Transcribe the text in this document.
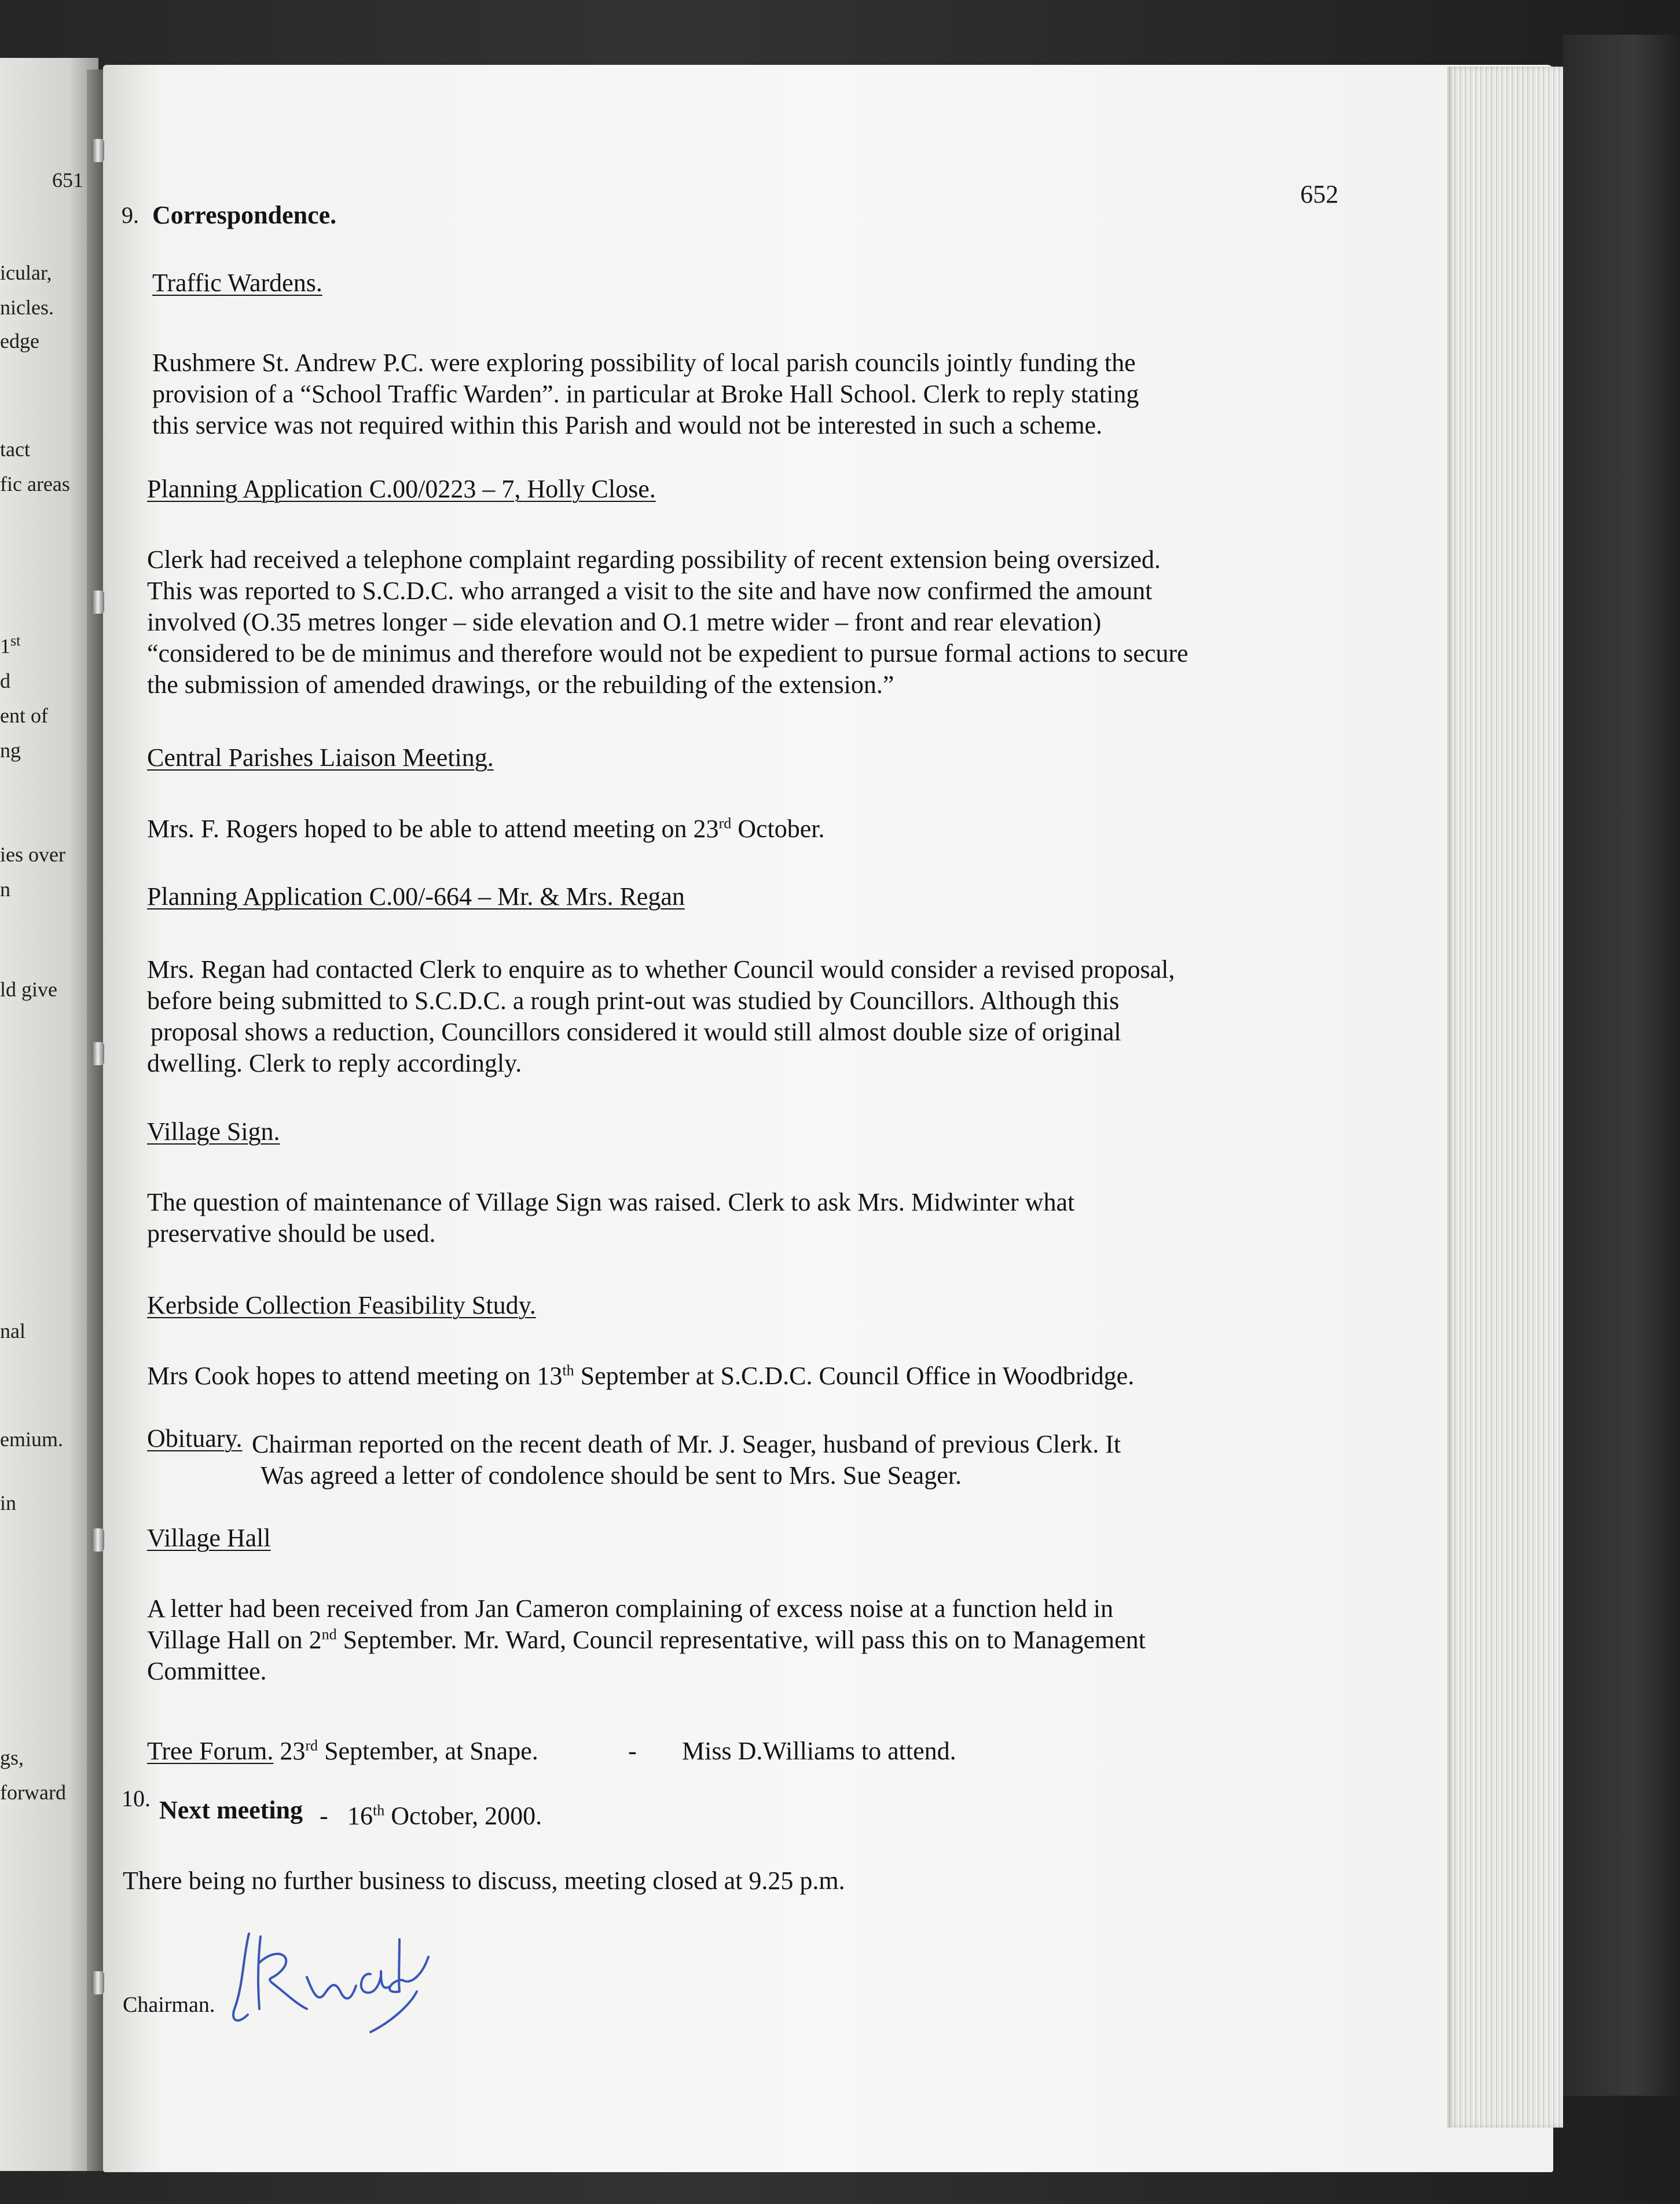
651
icular,
nicles.
edge
tact
fic areas
1st
d
ent of
ng
ies over
n
ld give
nal
emium.
in
gs,
forward
652
9. Correspondence.
Traffic Wardens.
Rushmere St. Andrew P.C. were exploring possibility of local parish councils jointly funding the
provision of a “School Traffic Warden”. in particular at Broke Hall School. Clerk to reply stating
this service was not required within this Parish and would not be interested in such a scheme.
Planning Application C.00/0223 – 7, Holly Close.
Clerk had received a telephone complaint regarding possibility of recent extension being oversized.
This was reported to S.C.D.C. who arranged a visit to the site and have now confirmed the amount
involved (O.35 metres longer – side elevation and O.1 metre wider – front and rear elevation)
“considered to be de minimus and therefore would not be expedient to pursue formal actions to secure
the submission of amended drawings, or the rebuilding of the extension.”
Central Parishes Liaison Meeting.
Mrs. F. Rogers hoped to be able to attend meeting on 23rd October.
Planning Application C.00/-664 – Mr. & Mrs. Regan
Mrs. Regan had contacted Clerk to enquire as to whether Council would consider a revised proposal,
before being submitted to S.C.D.C. a rough print-out was studied by Councillors. Although this
proposal shows a reduction, Councillors considered it would still almost double size of original
dwelling. Clerk to reply accordingly.
Village Sign.
The question of maintenance of Village Sign was raised. Clerk to ask Mrs. Midwinter what
preservative should be used.
Kerbside Collection Feasibility Study.
Mrs Cook hopes to attend meeting on 13th September at S.C.D.C. Council Office in Woodbridge.
Obituary. Chairman reported on the recent death of Mr. J. Seager, husband of previous Clerk. It
Was agreed a letter of condolence should be sent to Mrs. Sue Seager.
Village Hall
A letter had been received from Jan Cameron complaining of excess noise at a function held in
Village Hall on 2nd September. Mr. Ward, Council representative, will pass this on to Management
Committee.
Tree Forum. 23rd September, at Snape.	- Miss D.Williams to attend.
10. Next meeting - 16th October, 2000.
There being no further business to discuss, meeting closed at 9.25 p.m.
Chairman.
